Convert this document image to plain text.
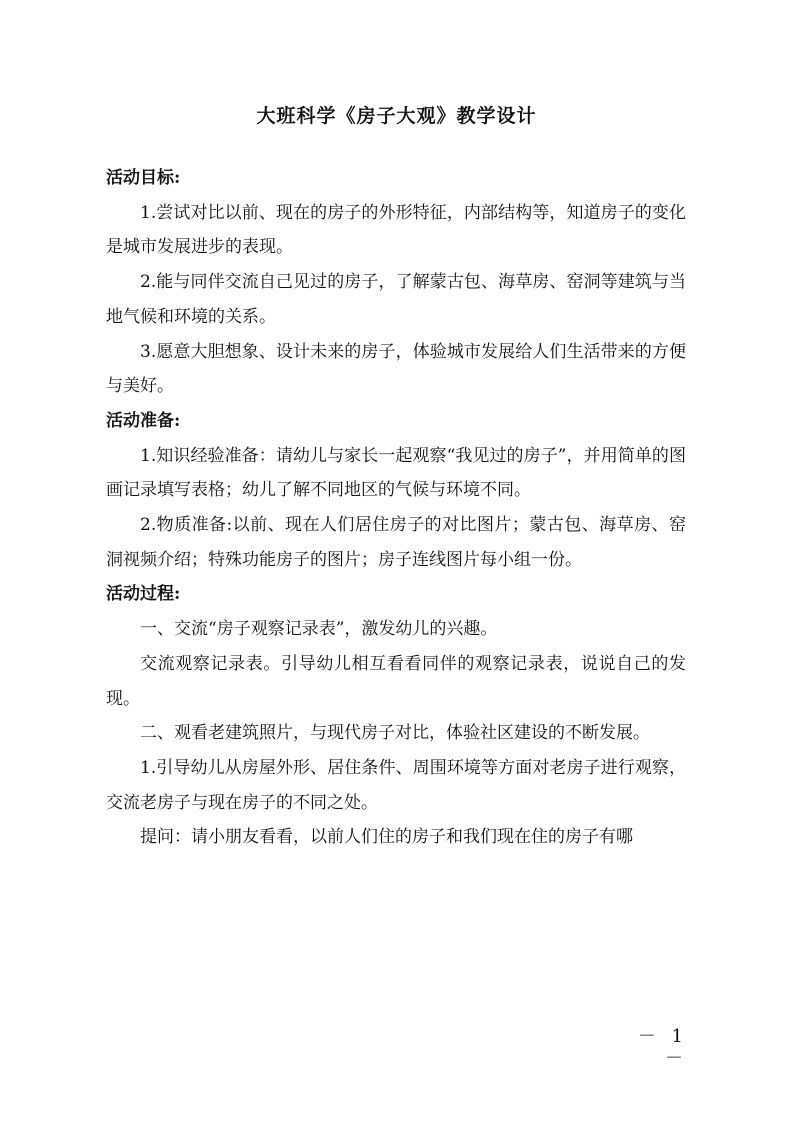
大班科学《房子大观》教学设计
活动目标:
1.尝试对比以前、现在的房子的外形特征，内部结构等，知道房子的变化是城市发展进步的表现。
2.能与同伴交流自己见过的房子，了解蒙古包、海草房、窑洞等建筑与当地气候和环境的关系。
3.愿意大胆想象、设计未来的房子，体验城市发展给人们生活带来的方便与美好。
活动准备:
1.知识经验准备：请幼儿与家长一起观察“我见过的房子”，并用简单的图画记录填写表格；幼儿了解不同地区的气候与环境不同。
2.物质准备:以前、现在人们居住房子的对比图片；蒙古包、海草房、窑洞视频介绍；特殊功能房子的图片；房子连线图片每小组一份。
活动过程:
一、交流“房子观察记录表”，激发幼儿的兴趣。
交流观察记录表。引导幼儿相互看看同伴的观察记录表，说说自己的发现。
二、观看老建筑照片，与现代房子对比，体验社区建设的不断发展。
1.引导幼儿从房屋外形、居住条件、周围环境等方面对老房子进行观察，交流老房子与现在房子的不同之处。
提问：请小朋友看看，以前人们住的房子和我们现在住的房子有哪
－ 1 －
